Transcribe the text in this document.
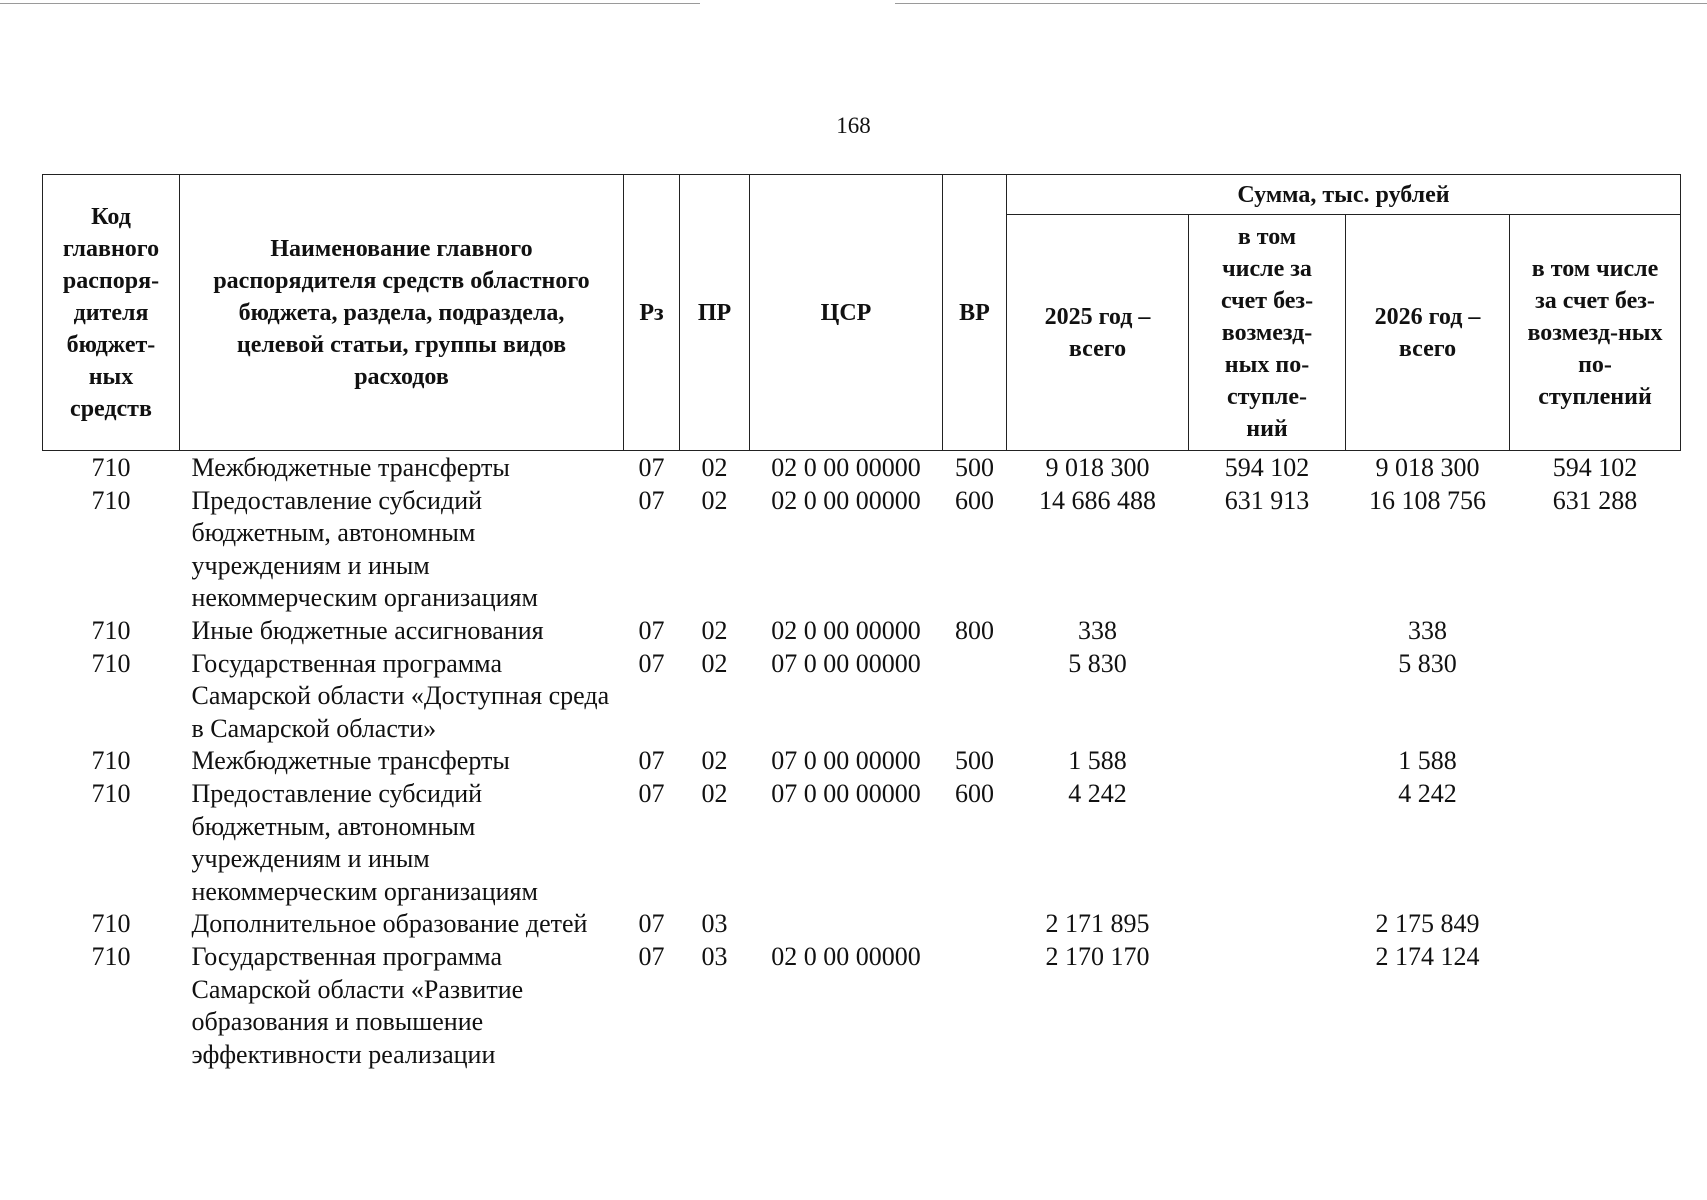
168
Код главного распоря-дителя бюджет-ных средств	Наименование главного распорядителя средств областного бюджета, раздела, подраздела, целевой статьи, группы видов расходов	Рз	ПР	ЦСР	ВР	Сумма, тыс. рублей			
						2025 год – всего	в том числе за счет без-возмезд-ных по-ступле-ний	2026 год – всего	в том числе за счет без-возмезд-ных по-ступлений
710	Межбюджетные трансферты	07	02	02 0 00 00000	500	9 018 300	594 102	9 018 300	594 102
710	Предоставление субсидий бюджетным, автономным учреждениям и иным некоммерческим организациям	07	02	02 0 00 00000	600	14 686 488	631 913	16 108 756	631 288
710	Иные бюджетные ассигнования	07	02	02 0 00 00000	800	338		338	
710	Государственная программа Самарской области «Доступная среда в Самарской области»	07	02	07 0 00 00000		5 830		5 830	
710	Межбюджетные трансферты	07	02	07 0 00 00000	500	1 588		1 588	
710	Предоставление субсидий бюджетным, автономным учреждениям и иным некоммерческим организациям	07	02	07 0 00 00000	600	4 242		4 242	
710	Дополнительное образование детей	07	03			2 171 895		2 175 849	
710	Государственная программа Самарской области «Развитие образования и повышение эффективности реализации	07	03	02 0 00 00000		2 170 170		2 174 124	
